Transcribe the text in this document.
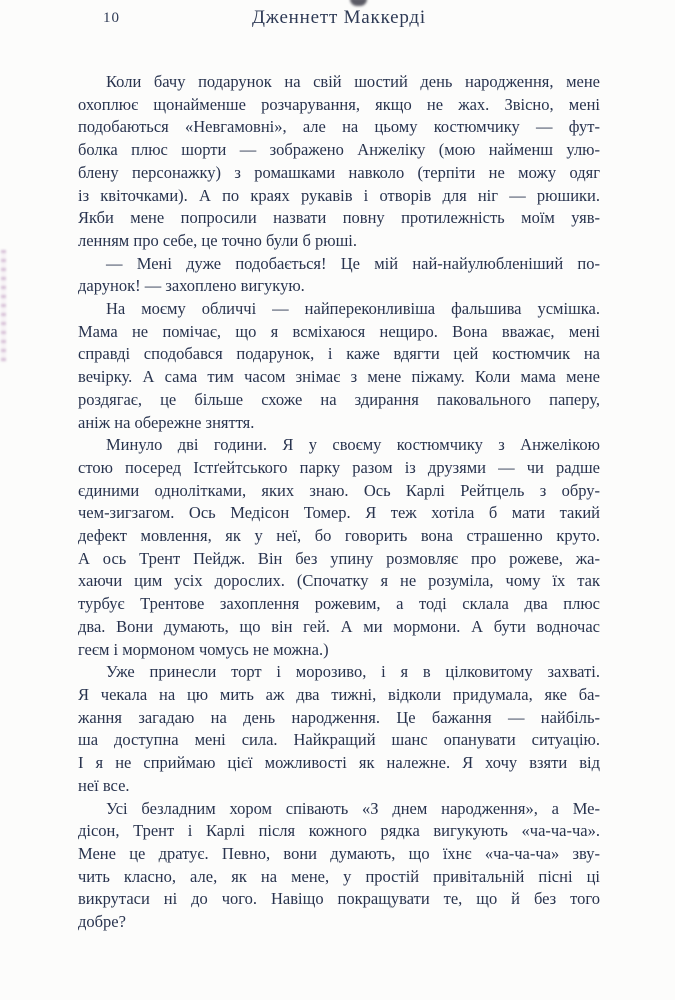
10	Дженнетт Маккерді

Коли бачу подарунок на свій шостий день народження, мене
охоплює щонайменше розчарування, якщо не жах. Звісно, мені
подобаються «Невгамовні», але на цьому костюмчику — фут-
болка плюс шорти — зображено Анжеліку (мою найменш улю-
блену персонажку) з ромашками навколо (терпіти не можу одяг
із квіточками). А по краях рукавів і отворів для ніг — рюшики.
Якби мене попросили назвати повну протилежність моїм уяв-
ленням про себе, це точно були б рюші.

— Мені дуже подобається! Це мій най-найулюбленіший по-
дарунок! — захоплено вигукую.

На моєму обличчі — найпереконливіша фальшива усмішка.
Мама не помічає, що я всміхаюся нещиро. Вона вважає, мені
справді сподобався подарунок, і каже вдягти цей костюмчик на
вечірку. А сама тим часом знімає з мене піжаму. Коли мама мене
роздягає, це більше схоже на здирання паковального паперу,
аніж на обережне зняття.

Минуло дві години. Я у своєму костюмчику з Анжелікою
стою посеред Істґейтського парку разом із друзями — чи радше
єдиними однолітками, яких знаю. Ось Карлі Рейтцель з обру-
чем-зигзагом. Ось Медісон Томер. Я теж хотіла б мати такий
дефект мовлення, як у неї, бо говорить вона страшенно круто.
А ось Трент Пейдж. Він без упину розмовляє про рожеве, жа-
хаючи цим усіх дорослих. (Спочатку я не розуміла, чому їх так
турбує Трентове захоплення рожевим, а тоді склала два плюс
два. Вони думають, що він гей. А ми мормони. А бути водночас
геєм і мормоном чомусь не можна.)

Уже принесли торт і морозиво, і я в цілковитому захваті.
Я чекала на цю мить аж два тижні, відколи придумала, яке ба-
жання загадаю на день народження. Це бажання — найбіль-
ша доступна мені сила. Найкращий шанс опанувати ситуацію.
І я не сприймаю цієї можливості як належне. Я хочу взяти від
неї все.

Усі безладним хором співають «З днем народження», а Ме-
дісон, Трент і Карлі після кожного рядка вигукують «ча-ча-ча».
Мене це дратує. Певно, вони думають, що їхнє «ча-ча-ча» зву-
чить класно, але, як на мене, у простій привітальній пісні ці
викрутаси ні до чого. Навіщо покращувати те, що й без того
добре?
